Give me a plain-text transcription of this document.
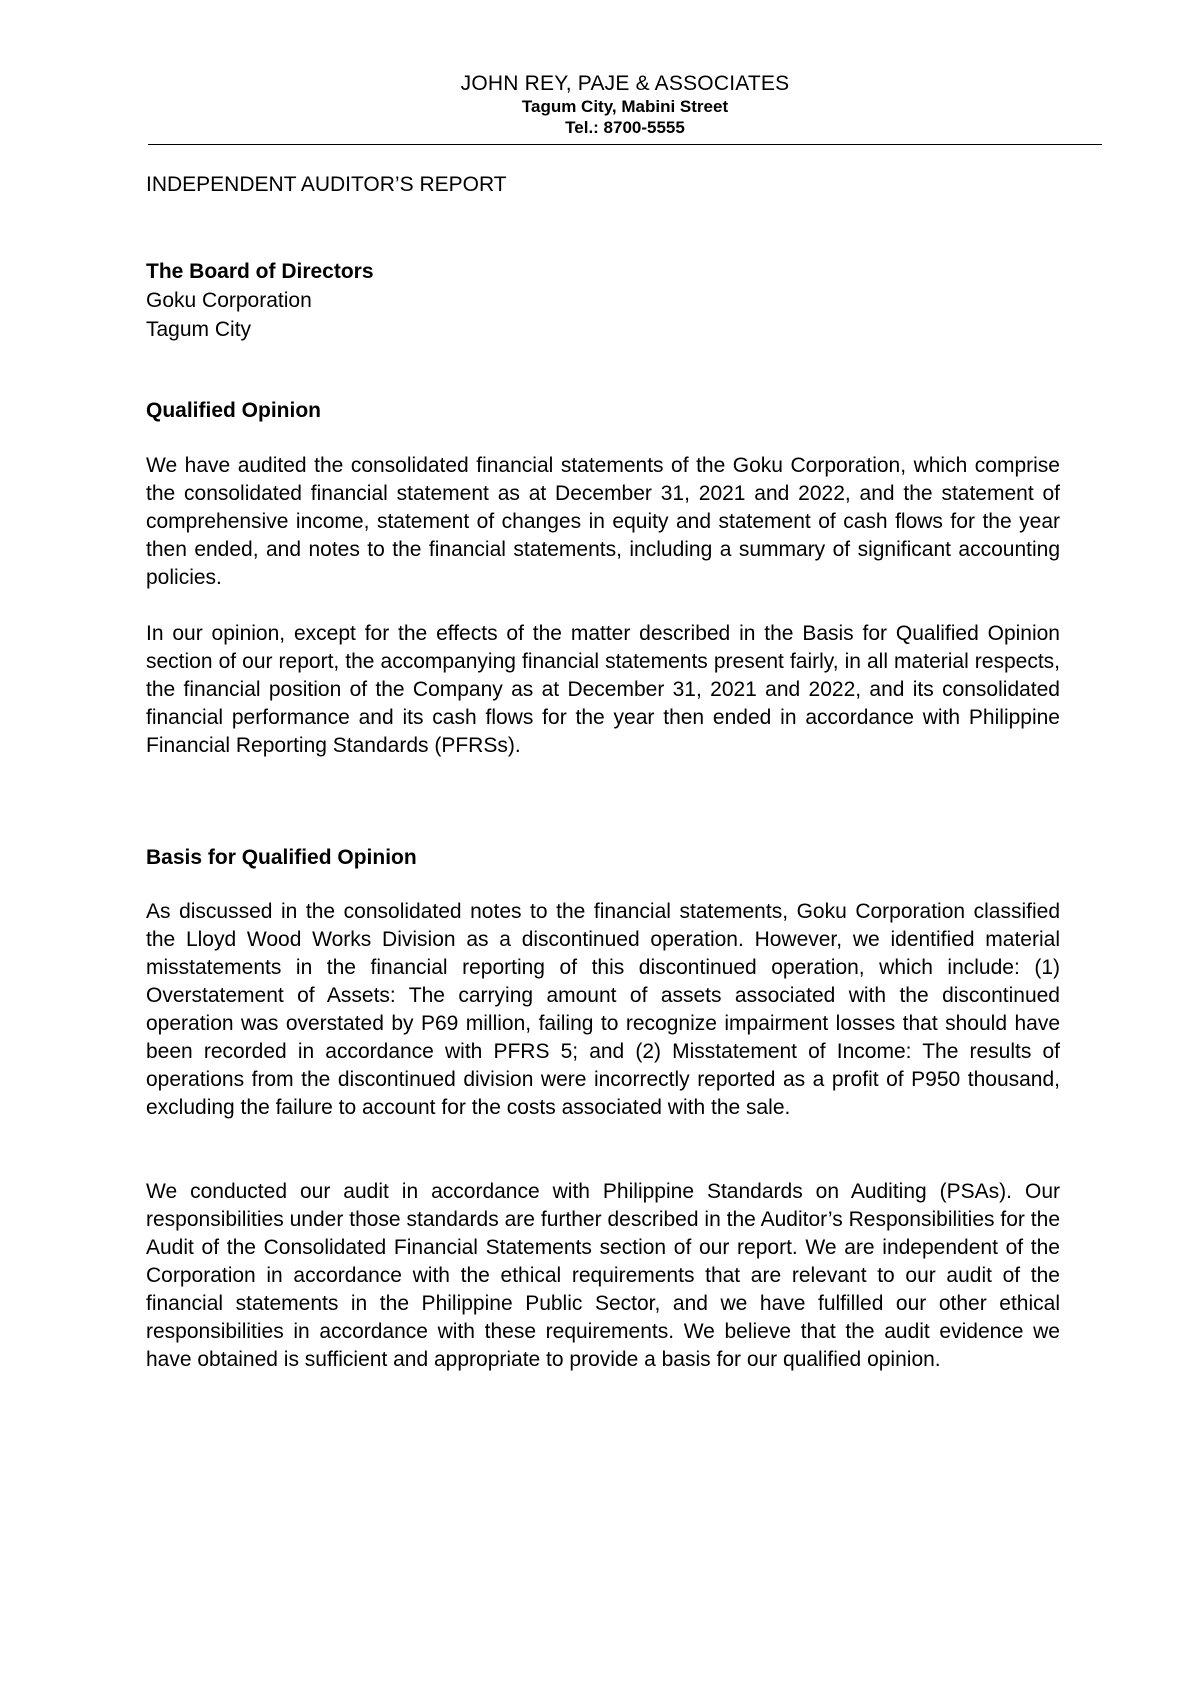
JOHN REY, PAJE & ASSOCIATES
Tagum City, Mabini Street
Tel.: 8700-5555
INDEPENDENT AUDITOR’S REPORT
The Board of Directors
Goku Corporation
Tagum City
Qualified Opinion

We have audited the consolidated financial statements of the Goku Corporation, which comprise the consolidated financial statement as at December 31, 2021 and 2022, and the statement of comprehensive income, statement of changes in equity and statement of cash flows for the year then ended, and notes to the financial statements, including a summary of significant accounting policies.

In our opinion, except for the effects of the matter described in the Basis for Qualified Opinion section of our report, the accompanying financial statements present fairly, in all material respects, the financial position of the Company as at December 31, 2021 and 2022, and its consolidated financial performance and its cash flows for the year then ended in accordance with Philippine Financial Reporting Standards (PFRSs).

Basis for Qualified Opinion

As discussed in the consolidated notes to the financial statements, Goku Corporation classified the Lloyd Wood Works Division as a discontinued operation. However, we identified material misstatements in the financial reporting of this discontinued operation, which include: (1) Overstatement of Assets: The carrying amount of assets associated with the discontinued operation was overstated by P69 million, failing to recognize impairment losses that should have been recorded in accordance with PFRS 5; and (2) Misstatement of Income: The results of operations from the discontinued division were incorrectly reported as a profit of P950 thousand, excluding the failure to account for the costs associated with the sale.

We conducted our audit in accordance with Philippine Standards on Auditing (PSAs). Our responsibilities under those standards are further described in the Auditor’s Responsibilities for the Audit of the Consolidated Financial Statements section of our report. We are independent of the Corporation in accordance with the ethical requirements that are relevant to our audit of the financial statements in the Philippine Public Sector, and we have fulfilled our other ethical responsibilities in accordance with these requirements. We believe that the audit evidence we have obtained is sufficient and appropriate to provide a basis for our qualified opinion.
